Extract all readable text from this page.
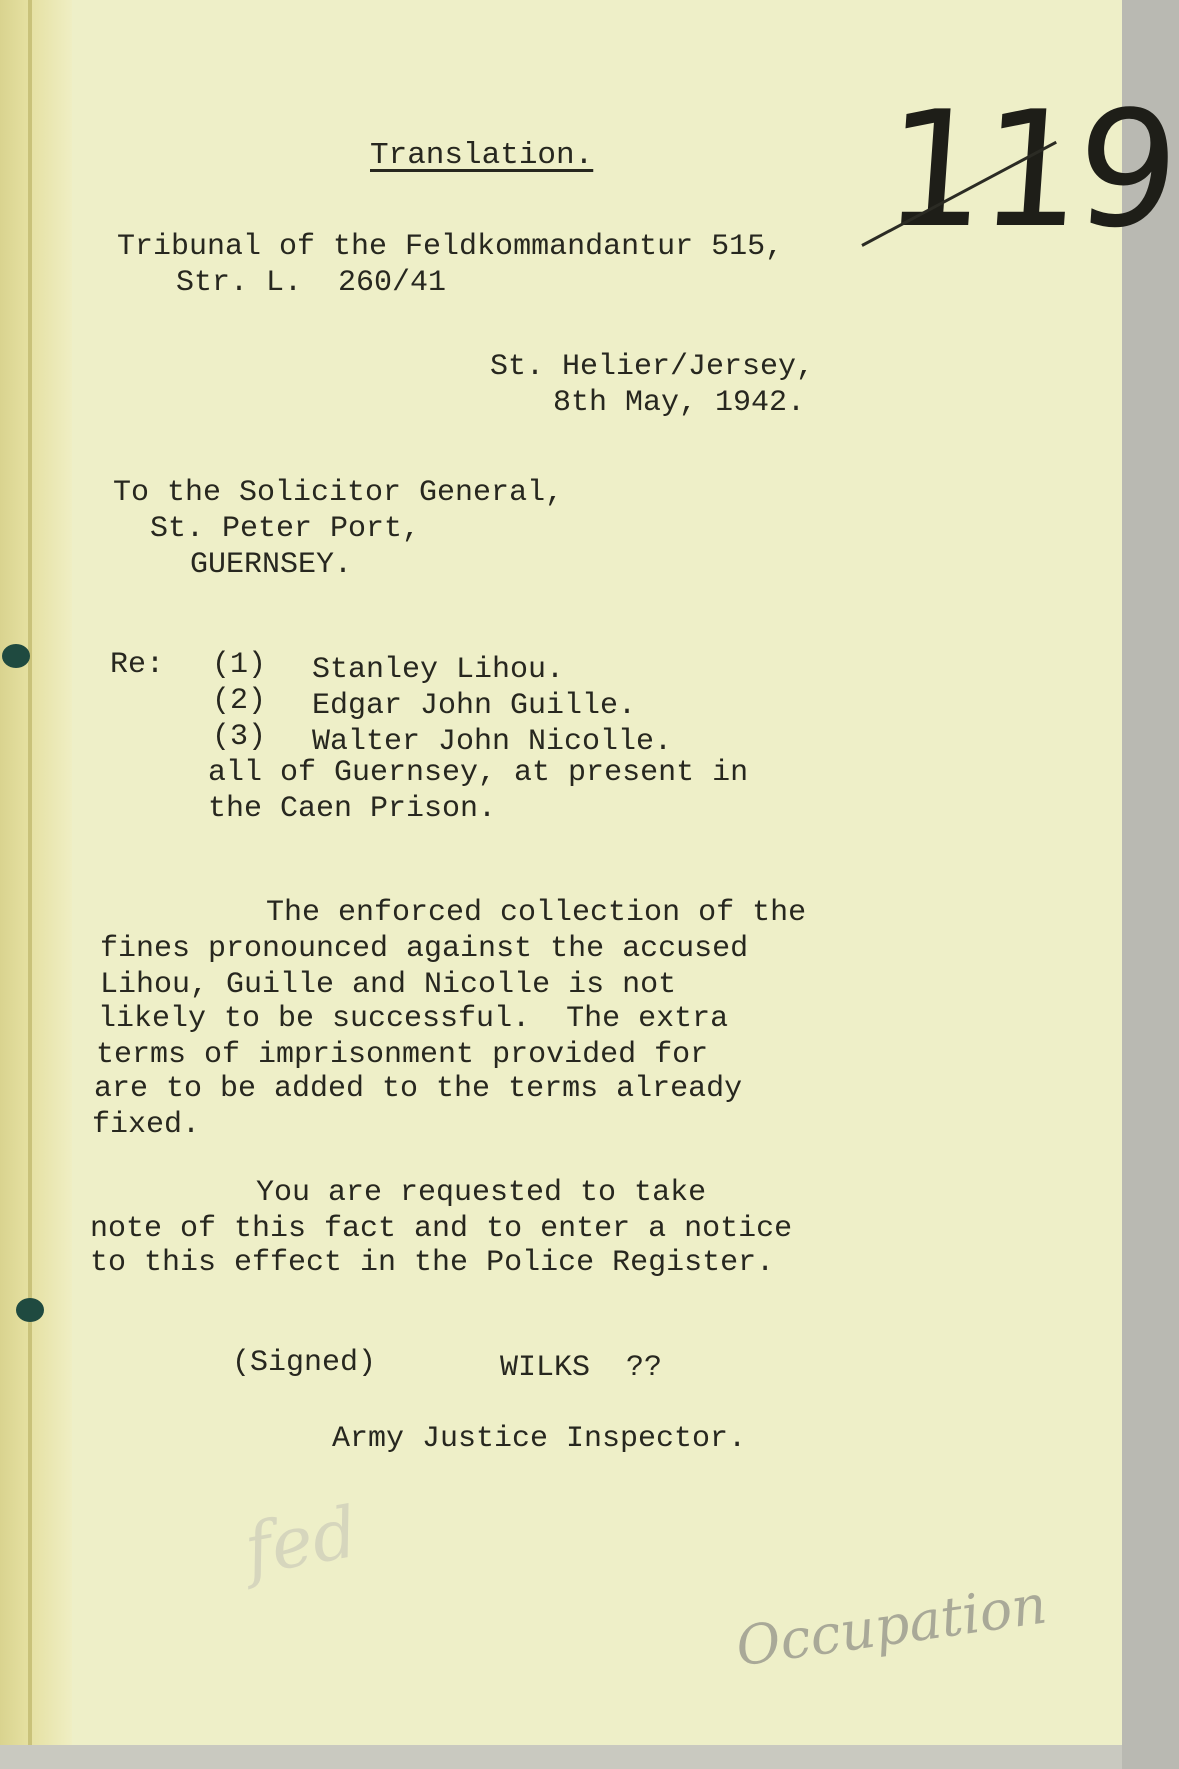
119
Translation.
Tribunal of the Feldkommandantur 515,
Str. L.  260/41
St. Helier/Jersey,
8th May, 1942.
To the Solicitor General,
St. Peter Port,
GUERNSEY.
Re: (1) Stanley Lihou.
(2) Edgar John Guille.
(3) Walter John Nicolle.
all of Guernsey, at present in
the Caen Prison.
The enforced collection of the
fines pronounced against the accused
Lihou, Guille and Nicolle is not
likely to be successful.  The extra
terms of imprisonment provided for
are to be added to the terms already
fixed.
You are requested to take
note of this fact and to enter a notice
to this effect in the Police Register.
(Signed)	WILKS  ??
Army Justice Inspector.
fed
Occupation
